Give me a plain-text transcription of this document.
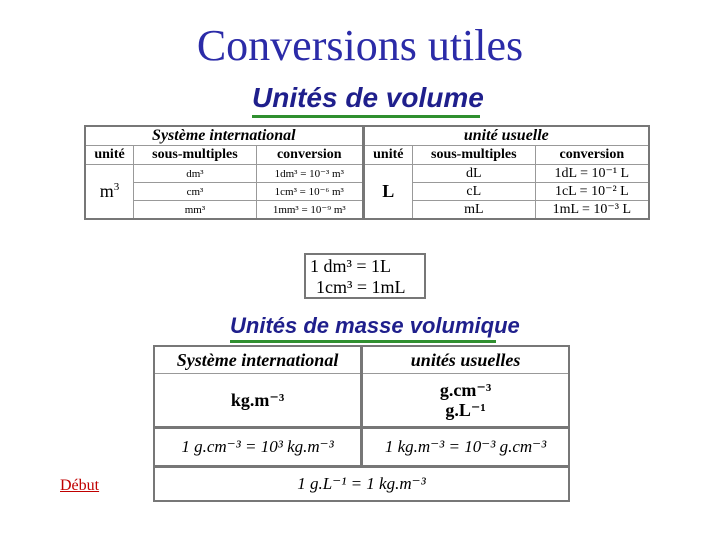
Conversions utiles
Unités de volume
Système international			unité usuelle		
unité	sous-multiples	conversion	unité	sous-multiples	conversion
$m^3$	dm³	1dm³ = 10⁻³ m³	L	dL	1dL = 10⁻¹ L
	cm³	1cm³ = 10⁻⁶ m³		cL	1cL = 10⁻² L
	mm³	1mm³ = 10⁻⁹ m³		mL	1mL = 10⁻³ L
1 dm³ = 1L
1cm³ = 1mL
Unités de masse volumique
Système international	unités usuelles
kg.m⁻³	g.cm⁻³
g.L⁻¹

1 g.cm⁻³ = 10³ kg.m⁻³	1 kg.m⁻³ = 10⁻³ g.cm⁻³
1 g.L⁻¹ = 1 kg.m⁻³	
Début
